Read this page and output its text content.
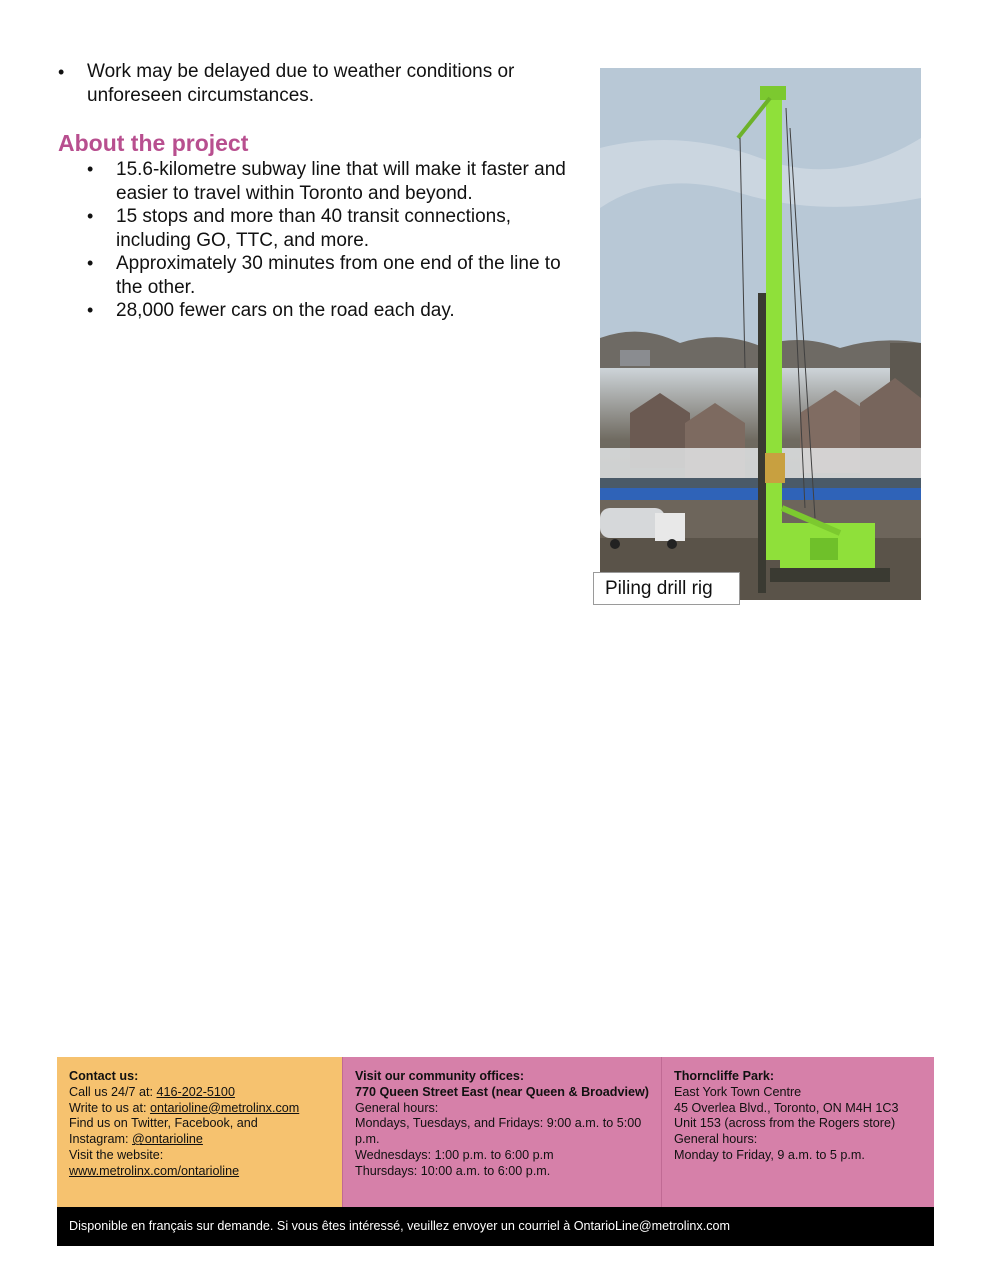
• Work may be delayed due to weather conditions or unforeseen circumstances.
About the project
• 15.6-kilometre subway line that will make it faster and easier to travel within Toronto and beyond.
• 15 stops and more than 40 transit connections, including GO, TTC, and more.
• Approximately 30 minutes from one end of the line to the other.
• 28,000 fewer cars on the road each day.
Piling drill rig
Contact us:
Call us 24/7 at: 416-202-5100
Write to us at: ontarioline@metrolinx.com
Find us on Twitter, Facebook, and
Instagram: @ontarioline
Visit the website:
www.metrolinx.com/ontarioline
Visit our community offices:
770 Queen Street East (near Queen & Broadview)
General hours:
Mondays, Tuesdays, and Fridays: 9:00 a.m. to 5:00 p.m.
Wednesdays: 1:00 p.m. to 6:00 p.m
Thursdays: 10:00 a.m. to 6:00 p.m.
Thorncliffe Park:
East York Town Centre
45 Overlea Blvd., Toronto, ON M4H 1C3
Unit 153 (across from the Rogers store)
General hours:
Monday to Friday, 9 a.m. to 5 p.m.
Disponible en français sur demande. Si vous êtes intéressé, veuillez envoyer un courriel à OntarioLine@metrolinx.com
